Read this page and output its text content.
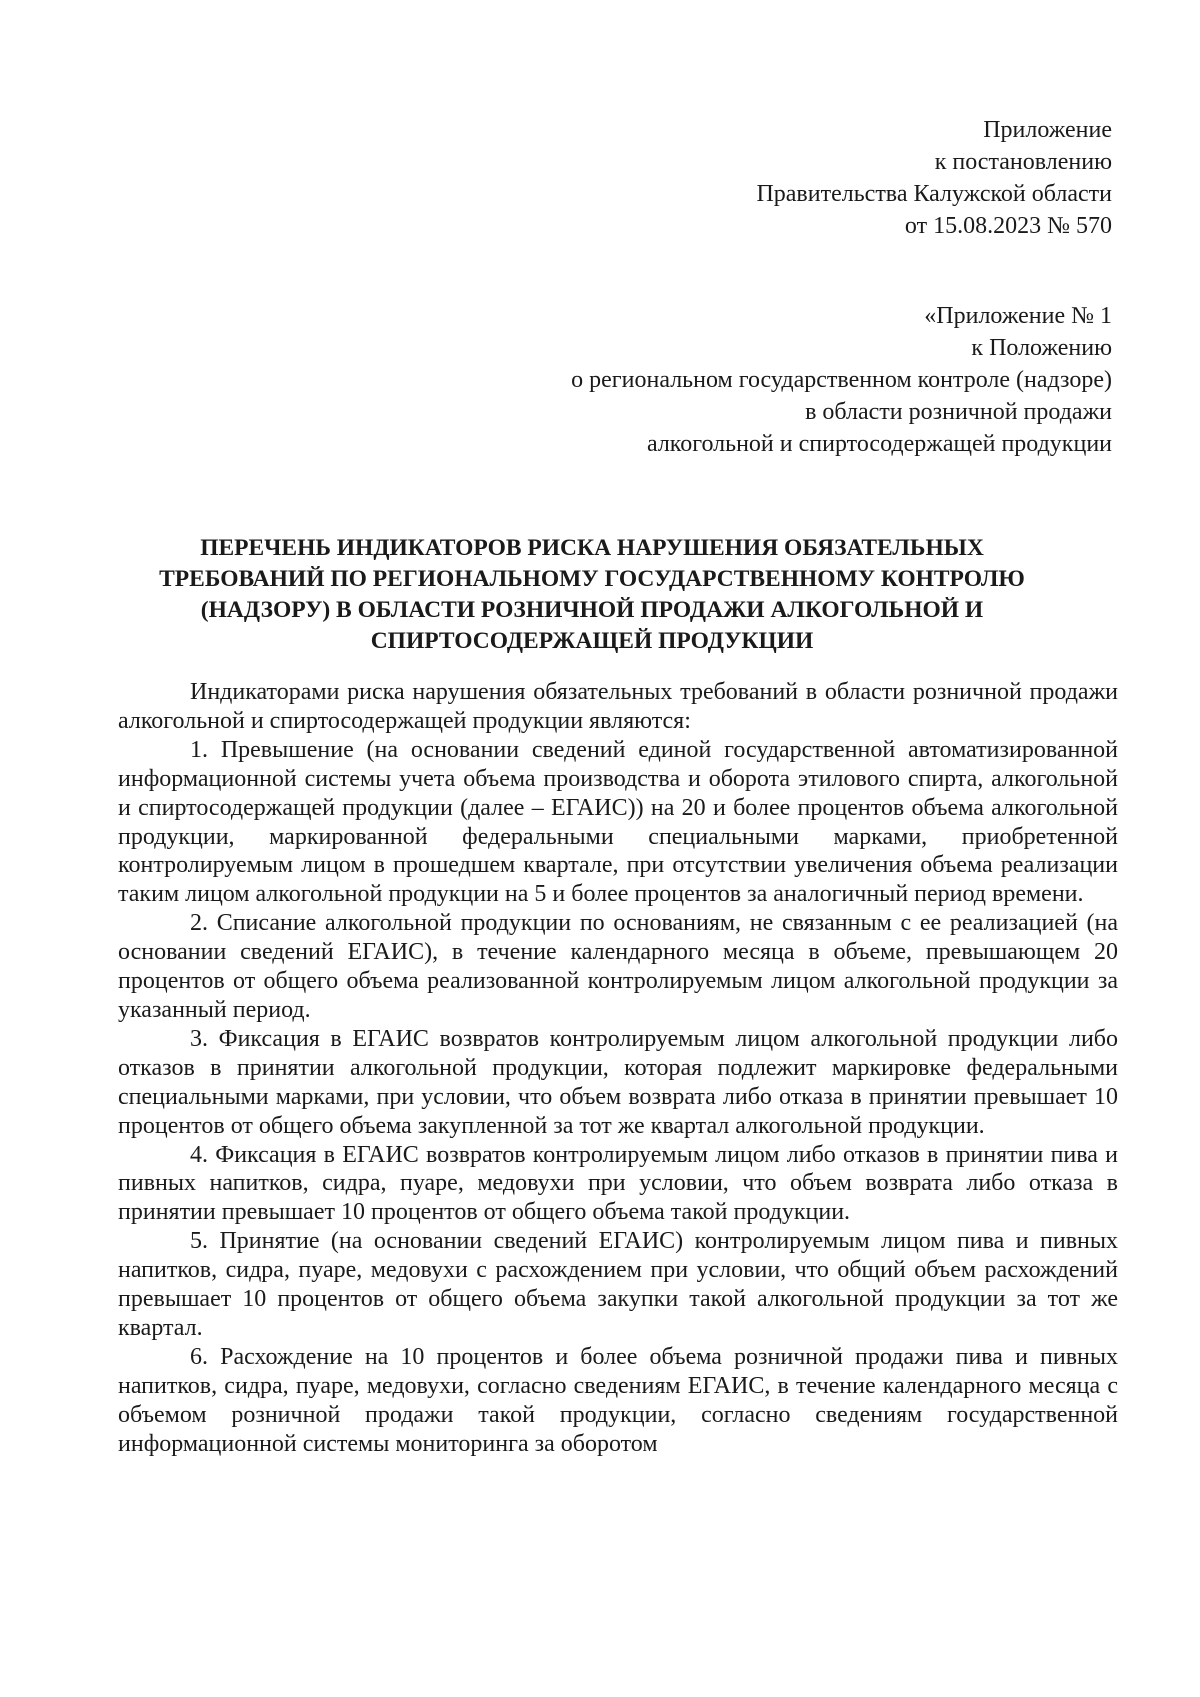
Приложение
к постановлению
Правительства Калужской области
от 15.08.2023 № 570
«Приложение № 1
к Положению
о региональном государственном контроле (надзоре)
в области розничной продажи
алкогольной и спиртосодержащей продукции
ПЕРЕЧЕНЬ ИНДИКАТОРОВ РИСКА НАРУШЕНИЯ ОБЯЗАТЕЛЬНЫХ
ТРЕБОВАНИЙ ПО РЕГИОНАЛЬНОМУ ГОСУДАРСТВЕННОМУ КОНТРОЛЮ
(НАДЗОРУ) В ОБЛАСТИ РОЗНИЧНОЙ ПРОДАЖИ АЛКОГОЛЬНОЙ И
СПИРТОСОДЕРЖАЩЕЙ ПРОДУКЦИИ

Индикаторами риска нарушения обязательных требований в области розничной продажи алкогольной и спиртосодержащей продукции являются:

1. Превышение (на основании сведений единой государственной автоматизированной информационной системы учета объема производства и оборота этилового спирта, алкогольной и спиртосодержащей продукции (далее – ЕГАИС)) на 20 и более процентов объема алкогольной продукции, маркированной федеральными специальными марками, приобретенной контролируемым лицом в прошедшем квартале, при отсутствии увеличения объема реализации таким лицом алкогольной продукции на 5 и более процентов за аналогичный период времени.

2. Списание алкогольной продукции по основаниям, не связанным с ее реализацией (на основании сведений ЕГАИС), в течение календарного месяца в объеме, превышающем 20 процентов от общего объема реализованной контролируемым лицом алкогольной продукции за указанный период.

3. Фиксация в ЕГАИС возвратов контролируемым лицом алкогольной продукции либо отказов в принятии алкогольной продукции, которая подлежит маркировке федеральными специальными марками, при условии, что объем возврата либо отказа в принятии превышает 10 процентов от общего объема закупленной за тот же квартал алкогольной продукции.

4. Фиксация в ЕГАИС возвратов контролируемым лицом либо отказов в принятии пива и пивных напитков, сидра, пуаре, медовухи при условии, что объем возврата либо отказа в принятии превышает 10 процентов от общего объема такой продукции.

5. Принятие (на основании сведений ЕГАИС) контролируемым лицом пива и пивных напитков, сидра, пуаре, медовухи с расхождением при условии, что общий объем расхождений превышает 10 процентов от общего объема закупки такой алкогольной продукции за тот же квартал.

6. Расхождение на 10 процентов и более объема розничной продажи пива и пивных напитков, сидра, пуаре, медовухи, согласно сведениям ЕГАИС, в течение календарного месяца с объемом розничной продажи такой продукции, согласно сведениям государственной информационной системы мониторинга за оборотом
